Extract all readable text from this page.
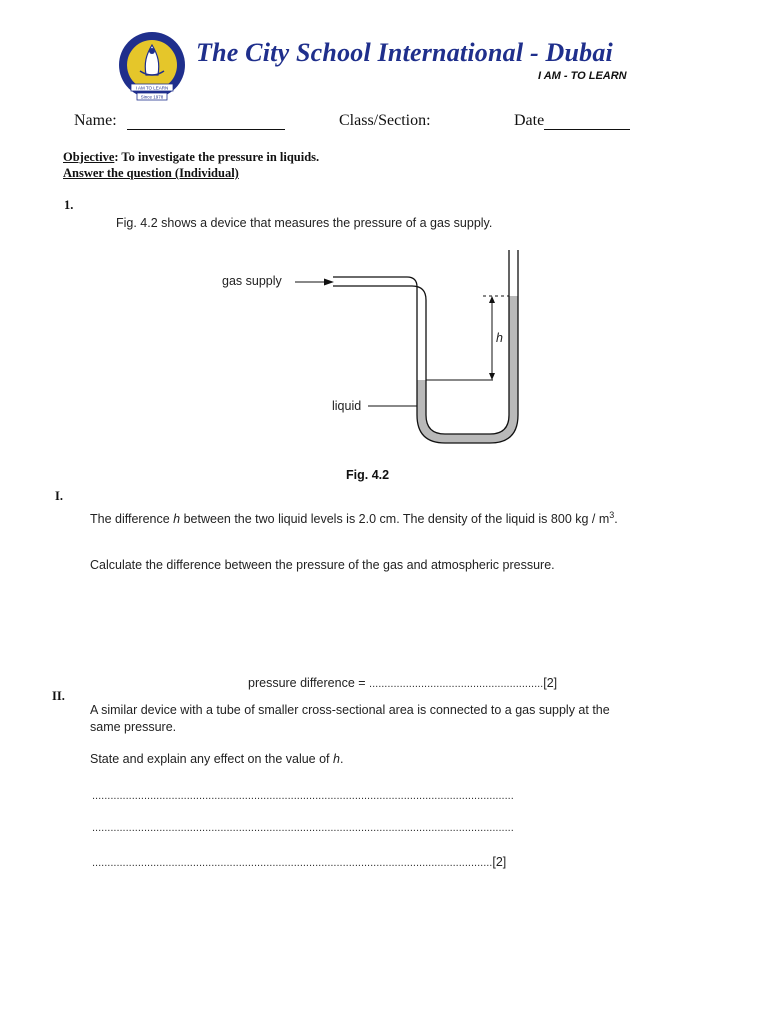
I AM TO LEARN
Since 1978
The City School International - Dubai
I AM - TO LEARN
Name:	Class/Section:	Date
Objective: To investigate the pressure in liquids.
Answer the question (Individual)
1.
Fig. 4.2 shows a device that measures the pressure of a gas supply.
gas supply
liquid
h
Fig. 4.2
I.
The difference h between the two liquid levels is 2.0 cm. The density of the liquid is 800 kg / $m^3$.
Calculate the difference between the pressure of the gas and atmospheric pressure.
pressure difference = .........................................................[2]
II.
A similar device with a tube of smaller cross-sectional area is connected to a gas supply at the same pressure.
State and explain any effect on the value of h.
..........................................................................................................................................
..........................................................................................................................................
...................................................................................................................................[2]
